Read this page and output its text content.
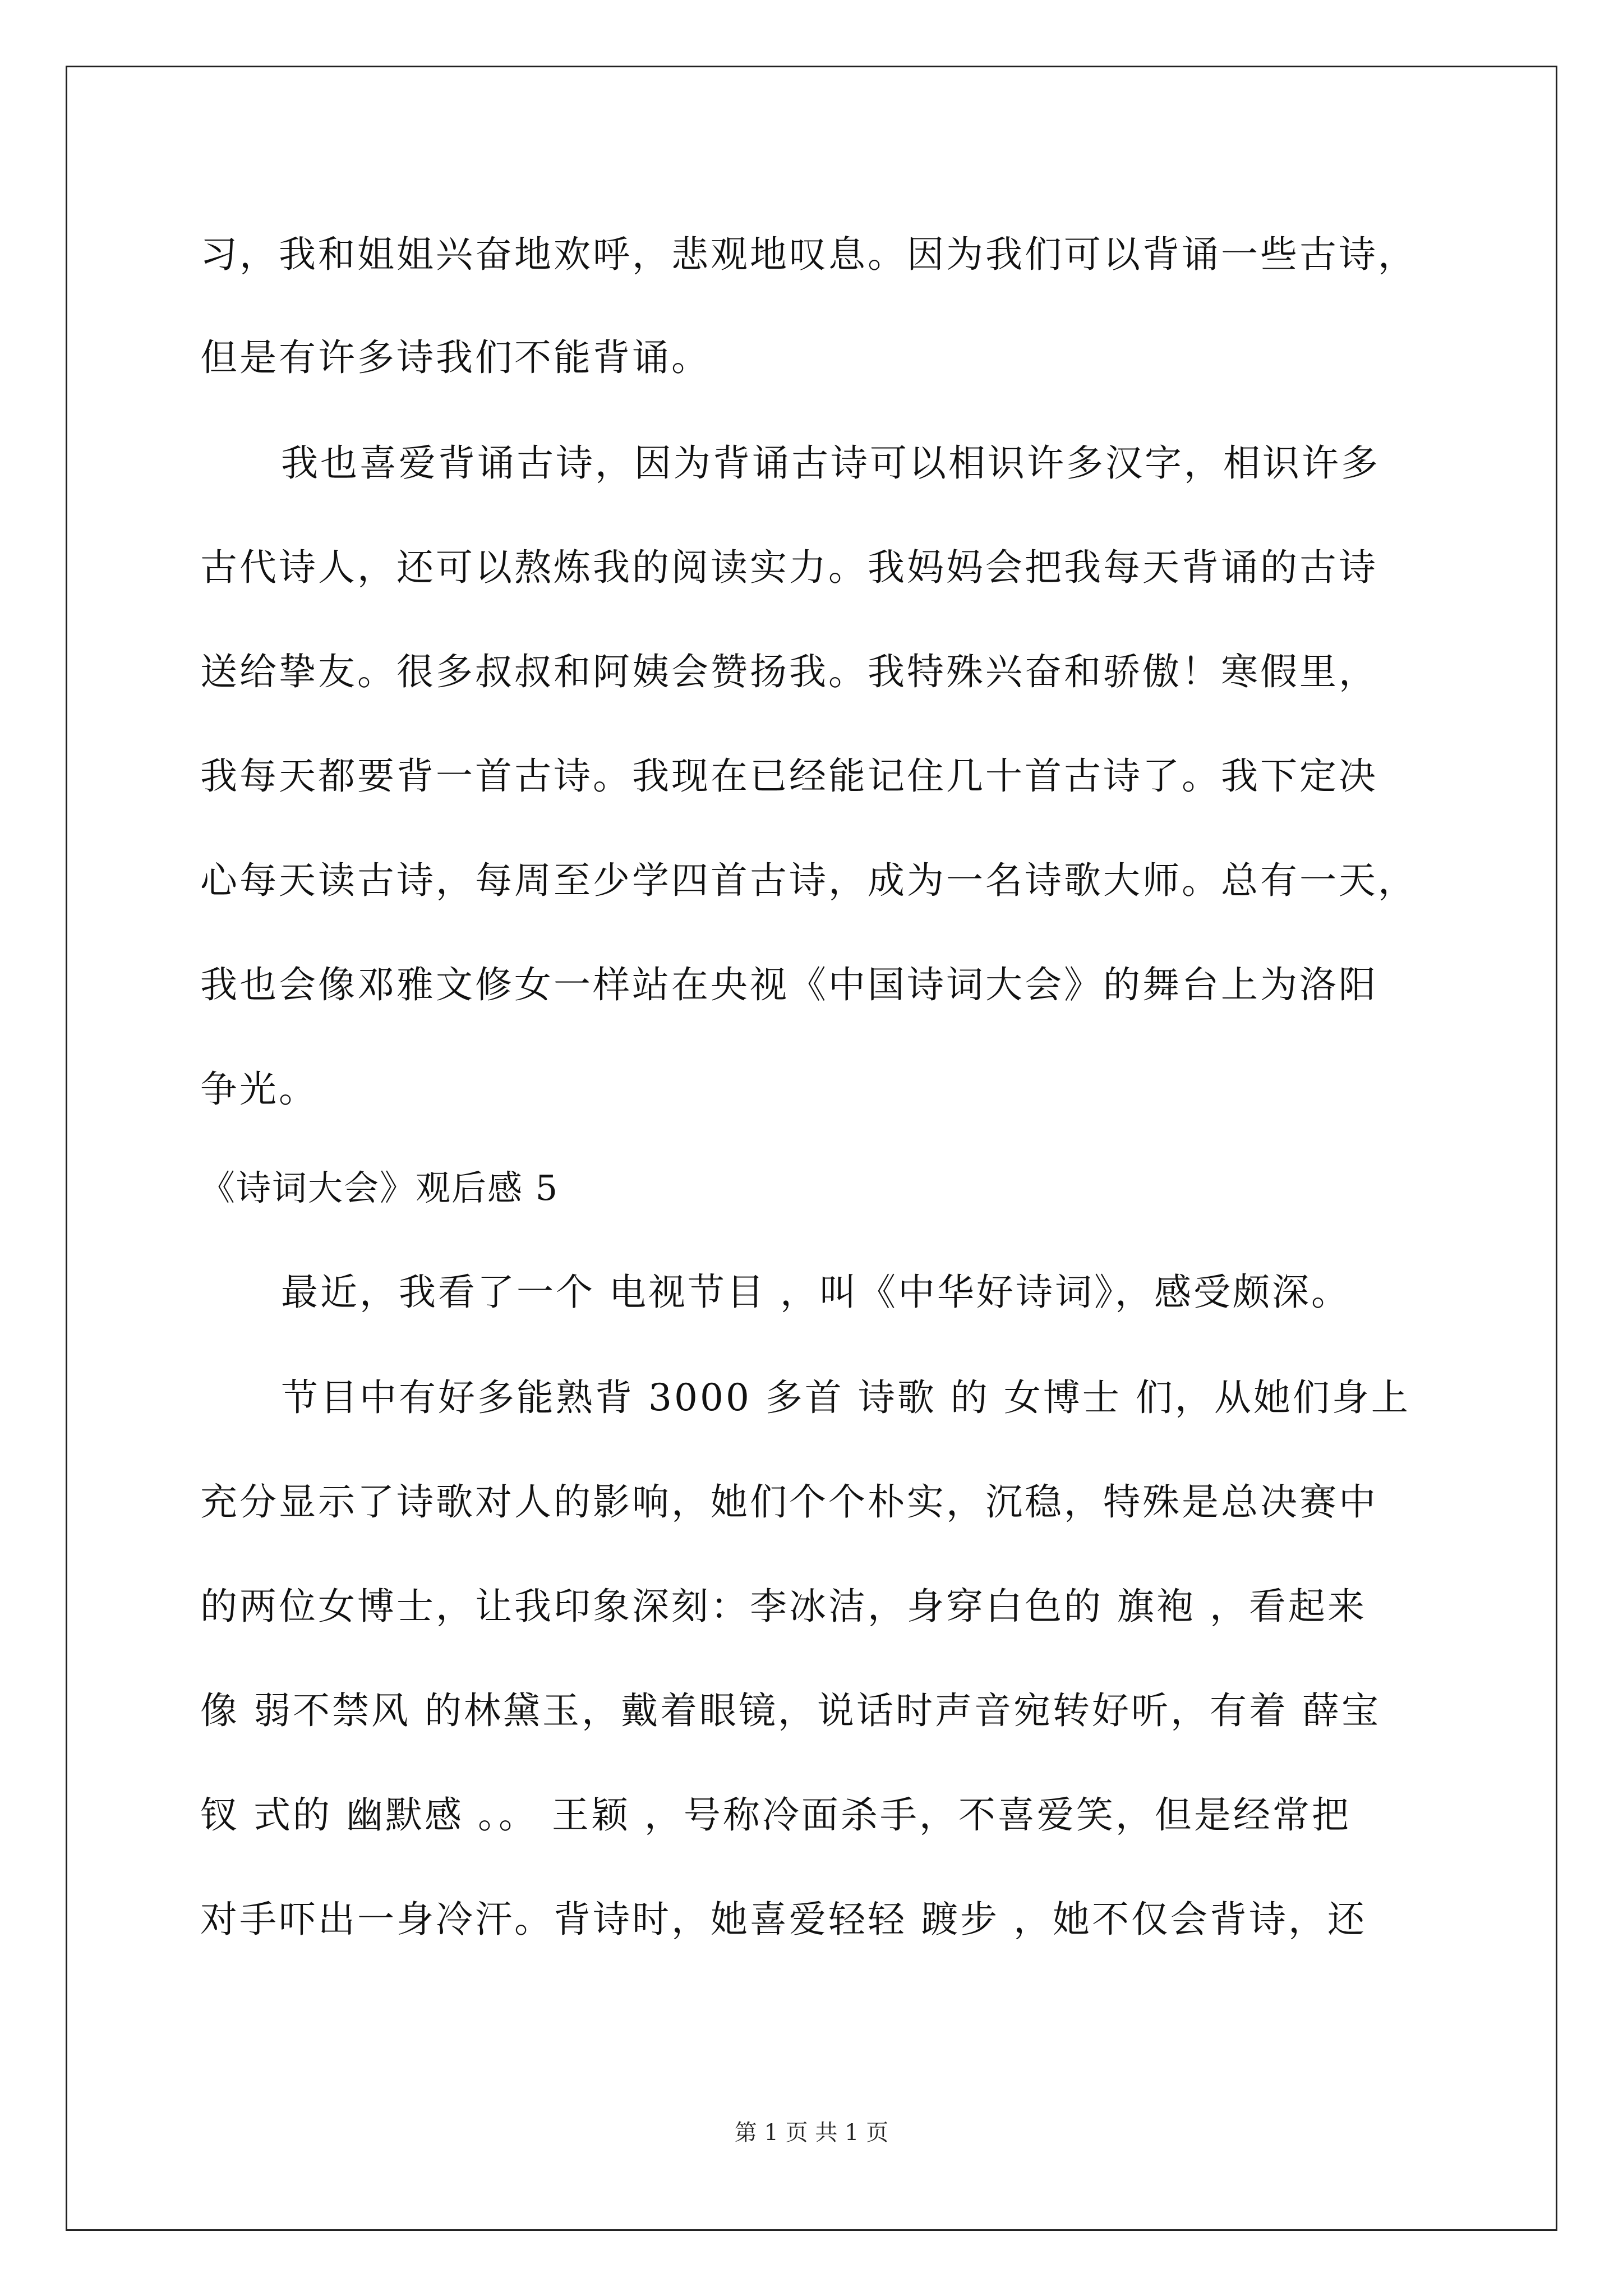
习，我和姐姐兴奋地欢呼，悲观地叹息。因为我们可以背诵一些古诗，
但是有许多诗我们不能背诵。
我也喜爱背诵古诗，因为背诵古诗可以相识许多汉字，相识许多
古代诗人，还可以熬炼我的阅读实力。我妈妈会把我每天背诵的古诗
送给挚友。很多叔叔和阿姨会赞扬我。我特殊兴奋和骄傲！寒假里，
我每天都要背一首古诗。我现在已经能记住几十首古诗了。我下定决
心每天读古诗，每周至少学四首古诗，成为一名诗歌大师。总有一天，
我也会像邓雅文修女一样站在央视《中国诗词大会》的舞台上为洛阳
争光。
《诗词大会》观后感 5
最近，我看了一个 电视节目 ，叫《中华好诗词》，感受颇深。
节目中有好多能熟背 3000 多首 诗歌 的 女博士 们，从她们身上
充分显示了诗歌对人的影响，她们个个朴实，沉稳，特殊是总决赛中
的两位女博士，让我印象深刻：李冰洁，身穿白色的 旗袍 ，看起来
像 弱不禁风 的林黛玉，戴着眼镜，说话时声音宛转好听，有着 薛宝
钗 式的 幽默感 。。 王颖 ，号称冷面杀手，不喜爱笑，但是经常把
对手吓出一身冷汗。背诗时，她喜爱轻轻 踱步 ，她不仅会背诗，还
第 1 页 共 1 页
